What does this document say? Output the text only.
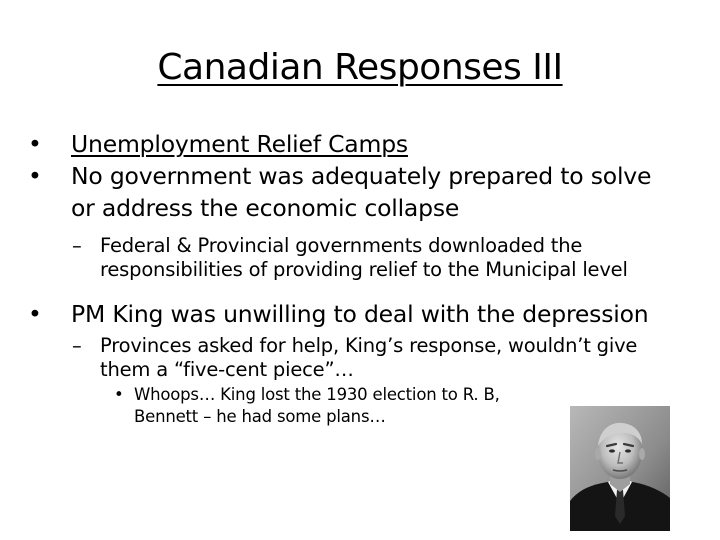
Canadian Responses III
• Unemployment Relief Camps
• No government was adequately prepared to solve or address the economic collapse
– Federal & Provincial governments downloaded the responsibilities of providing relief to the Municipal level
• PM King was unwilling to deal with the depression
– Provinces asked for help, King’s response, wouldn’t give them a “five-cent piece”…
• Whoops… King lost the 1930 election to R. B, Bennett – he had some plans…
